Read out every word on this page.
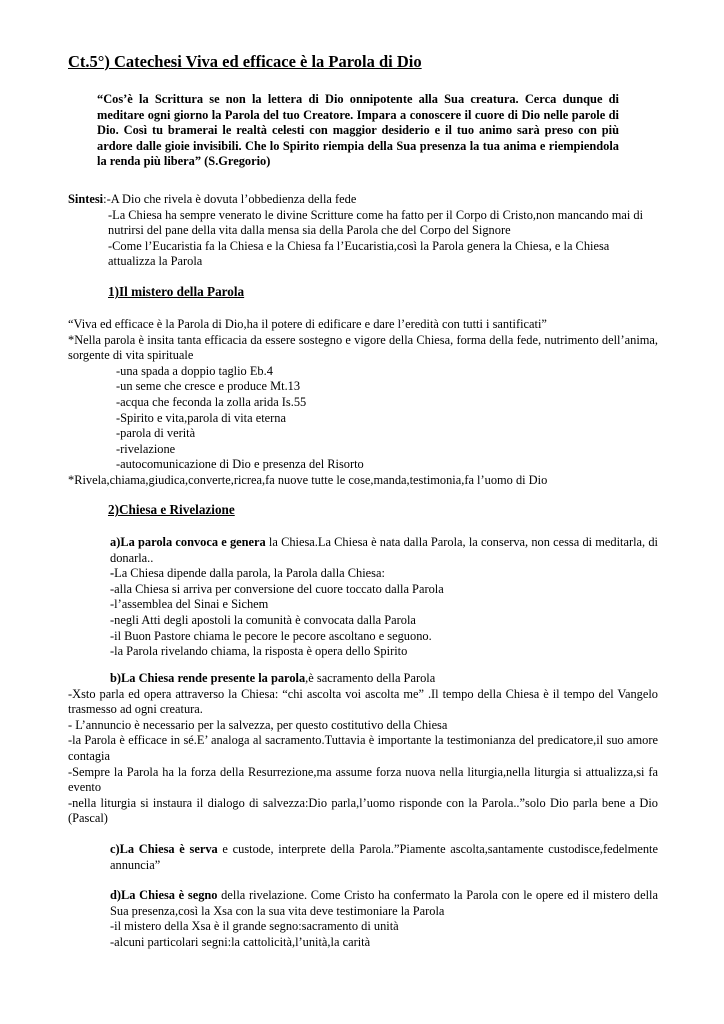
Ct.5°) Catechesi Viva ed efficace è la Parola di Dio
“Cos’è la Scrittura se non la lettera di Dio onnipotente alla Sua creatura. Cerca dunque di meditare ogni giorno la Parola del tuo Creatore. Impara a conoscere il cuore di Dio nelle parole di Dio. Così tu bramerai le realtà celesti con maggior desiderio e il tuo animo sarà preso con più ardore dalle gioie invisibili. Che lo Spirito riempia della Sua presenza la tua anima e riempiendola la renda più libera” (S.Gregorio)
Sintesi:-A Dio che rivela è dovuta l’obbedienza della fede
-La Chiesa ha sempre venerato le divine Scritture come ha fatto per il Corpo di Cristo,non mancando mai di nutrirsi del pane della vita dalla mensa sia della Parola che del Corpo del Signore
-Come l’Eucaristia fa la Chiesa e la Chiesa fa l’Eucaristia,così la Parola genera la Chiesa, e la Chiesa attualizza la Parola
1)Il mistero della Parola
“Viva ed efficace è la Parola di Dio,ha il potere di edificare e dare l’eredità con tutti i santificati”
*Nella parola è insita tanta efficacia da essere sostegno e vigore della Chiesa, forma della fede, nutrimento dell’anima, sorgente di vita spirituale
-una spada a doppio taglio Eb.4
-un seme che cresce e produce Mt.13
-acqua che feconda la zolla arida Is.55
-Spirito e vita,parola di vita eterna
-parola di verità
-rivelazione
-autocomunicazione di Dio e presenza del Risorto
*Rivela,chiama,giudica,converte,ricrea,fa nuove tutte le cose,manda,testimonia,fa l’uomo di Dio
2)Chiesa e Rivelazione
a)La parola convoca e genera la Chiesa.La Chiesa è nata dalla Parola, la conserva, non cessa di meditarla, di donarla..
-La Chiesa dipende dalla parola, la Parola dalla Chiesa:
-alla Chiesa si arriva per conversione del cuore toccato dalla Parola
-l’assemblea del Sinai e Sichem
-negli Atti degli apostoli la comunità è convocata dalla Parola
-il Buon Pastore chiama le pecore le pecore ascoltano e seguono.
-la Parola rivelando chiama, la risposta è opera dello Spirito
b)La Chiesa rende presente la parola,è sacramento della Parola
-Xsto parla ed opera attraverso la Chiesa: “chi ascolta voi ascolta me” .Il tempo della Chiesa è il tempo del Vangelo trasmesso ad ogni creatura.
- L’annuncio è necessario per la salvezza, per questo costitutivo della Chiesa
-la Parola è efficace in sé.E’ analoga al sacramento.Tuttavia è importante la testimonianza del predicatore,il suo amore contagia
-Sempre la Parola ha la forza della Resurrezione,ma assume forza nuova nella liturgia,nella liturgia si attualizza,si fa evento
-nella liturgia si instaura il dialogo di salvezza:Dio parla,l’uomo risponde con la Parola..”solo Dio parla bene a Dio (Pascal)
c)La Chiesa è serva e custode, interprete della Parola.”Piamente ascolta,santamente custodisce,fedelmente annuncia”
d)La Chiesa è segno della rivelazione. Come Cristo ha confermato la Parola con le opere ed il mistero della Sua presenza,così la Xsa con la sua vita deve testimoniare la Parola
-il mistero della Xsa è il grande segno:sacramento di unità
-alcuni particolari segni:la cattolicità,l’unità,la carità
